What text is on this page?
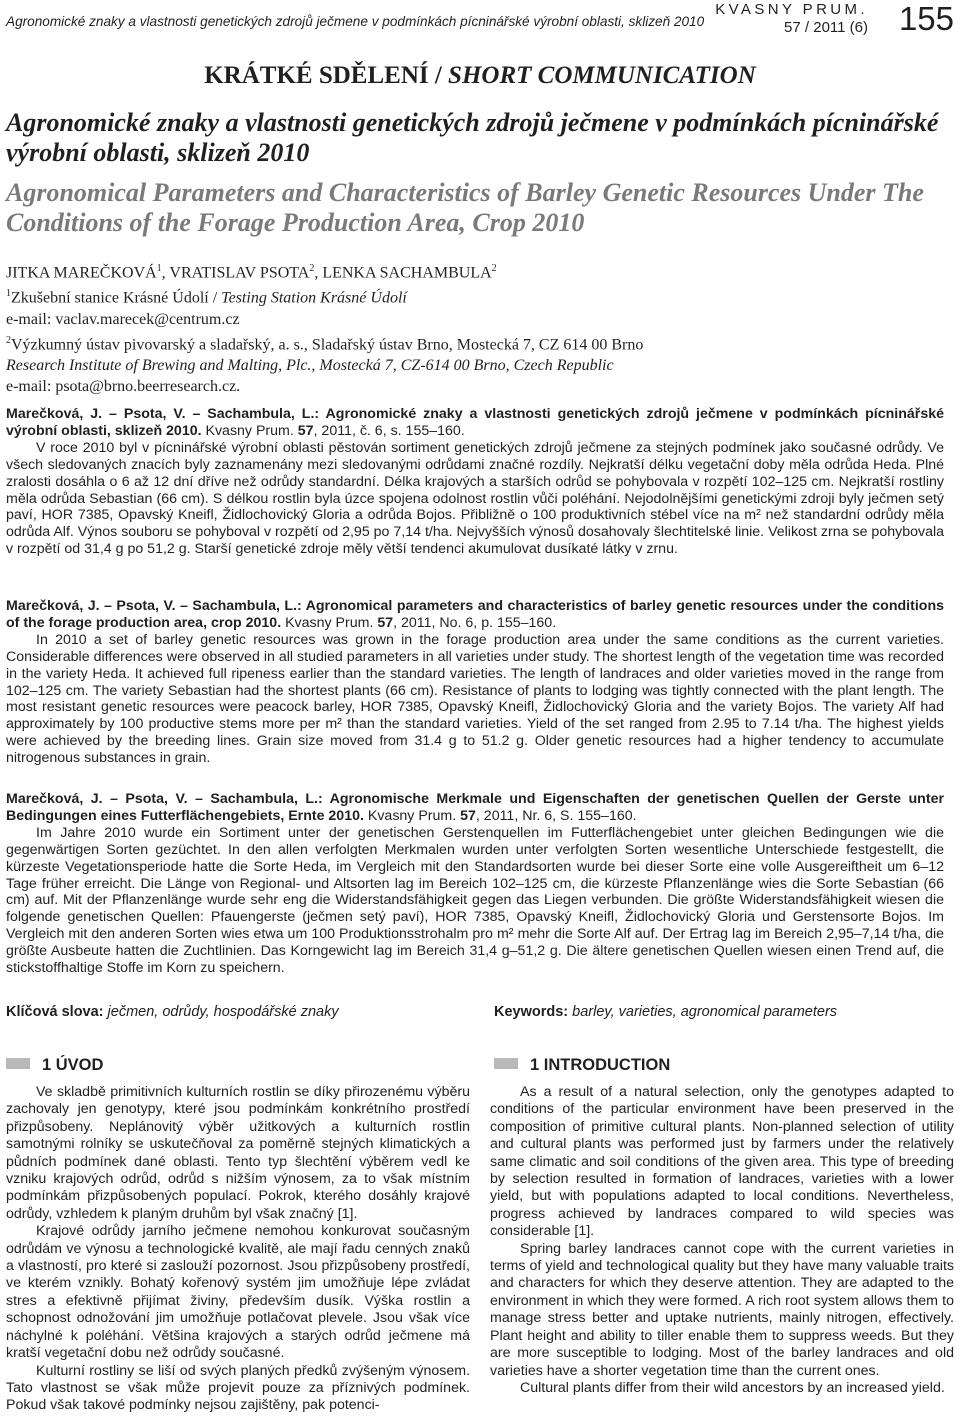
Agronomické znaky a vlastnosti genetických zdrojů ječmene v podmínkách pícninářské výrobní oblasti, sklizeň 2010
KVASNY PRUM.
57 / 2011 (6) 155
KRÁTKÉ SDĚLENÍ / SHORT COMMUNICATION
Agronomické znaky a vlastnosti genetických zdrojů ječmene v podmínkách pícninářské výrobní oblasti, sklizeň 2010
Agronomical Parameters and Characteristics of Barley Genetic Resources Under The Conditions of the Forage Production Area, Crop 2010

JITKA MAREČKOVÁ$^1$, VRATISLAV PSOTA$^2$, LENKA SACHAMBULA$^2$

$^1$Zkušební stanice Krásné Údolí / Testing Station Krásné Údolí

e-mail: vaclav.marecek@centrum.cz

$^2$Výzkumný ústav pivovarský a sladařský, a. s., Sladařský ústav Brno, Mostecká 7, CZ 614 00 Brno

Research Institute of Brewing and Malting, Plc., Mostecká 7, CZ-614 00 Brno, Czech Republic

e-mail: psota@brno.beerresearch.cz.

Marečková, J. – Psota, V. – Sachambula, L.: Agronomické znaky a vlastnosti genetických zdrojů ječmene v podmínkách pícninářské výrobní oblasti, sklizeň 2010. Kvasny Prum. 57, 2011, č. 6, s. 155–160.

V roce 2010 byl v pícninářské výrobní oblasti pěstován sortiment genetických zdrojů ječmene za stejných podmínek jako současné odrůdy. Ve všech sledovaných znacích byly zaznamenány mezi sledovanými odrůdami značné rozdíly. Nejkratší délku vegetační doby měla odrůda Heda. Plné zralosti dosáhla o 6 až 12 dní dříve než odrůdy standardní. Délka krajových a starších odrůd se pohybovala v rozpětí 102–125 cm. Nejkratší rostliny měla odrůda Sebastian (66 cm). S délkou rostlin byla úzce spojena odolnost rostlin vůči poléhání. Nejodolnějšími genetickými zdroji byly ječmen setý paví, HOR 7385, Opavský Kneifl, Židlochovický Gloria a odrůda Bojos. Přibližně o 100 produktivních stébel více na m² než standardní odrůdy měla odrůda Alf. Výnos souboru se pohyboval v rozpětí od 2,95 po 7,14 t/ha. Nejvyšších výnosů dosahovaly šlechtitelské linie. Velikost zrna se pohybovala v rozpětí od 31,4 g po 51,2 g. Starší genetické zdroje měly větší tendenci akumulovat dusíkaté látky v zrnu.

Marečková, J. – Psota, V. – Sachambula, L.: Agronomical parameters and characteristics of barley genetic resources under the conditions of the forage production area, crop 2010. Kvasny Prum. 57, 2011, No. 6, p. 155–160.

In 2010 a set of barley genetic resources was grown in the forage production area under the same conditions as the current varieties. Considerable differences were observed in all studied parameters in all varieties under study. The shortest length of the vegetation time was recorded in the variety Heda. It achieved full ripeness earlier than the standard varieties. The length of landraces and older varieties moved in the range from 102–125 cm. The variety Sebastian had the shortest plants (66 cm). Resistance of plants to lodging was tightly connected with the plant length. The most resistant genetic resources were peacock barley, HOR 7385, Opavský Kneifl, Židlochovický Gloria and the variety Bojos. The variety Alf had approximately by 100 productive stems more per m² than the standard varieties. Yield of the set ranged from 2.95 to 7.14 t/ha. The highest yields were achieved by the breeding lines. Grain size moved from 31.4 g to 51.2 g. Older genetic resources had a higher tendency to accumulate nitrogenous substances in grain.

Marečková, J. – Psota, V. – Sachambula, L.: Agronomische Merkmale und Eigenschaften der genetischen Quellen der Gerste unter Bedingungen eines Futterflächengebiets, Ernte 2010. Kvasny Prum. 57, 2011, Nr. 6, S. 155–160.

Im Jahre 2010 wurde ein Sortiment unter der genetischen Gerstenquellen im Futterflächengebiet unter gleichen Bedingungen wie die gegenwärtigen Sorten gezüchtet. In den allen verfolgten Merkmalen wurden unter verfolgten Sorten wesentliche Unterschiede festgestellt, die kürzeste Vegetationsperiode hatte die Sorte Heda, im Vergleich mit den Standardsorten wurde bei dieser Sorte eine volle Ausgereiftheit um 6–12 Tage früher erreicht. Die Länge von Regional- und Altsorten lag im Bereich 102–125 cm, die kürzeste Pflanzenlänge wies die Sorte Sebastian (66 cm) auf. Mit der Pflanzenlänge wurde sehr eng die Widerstandsfähigkeit gegen das Liegen verbunden. Die größte Widerstandsfähigkeit wiesen die folgende genetischen Quellen: Pfauengerste (ječmen setý paví), HOR 7385, Opavský Kneifl, Židlochovický Gloria und Gerstensorte Bojos. Im Vergleich mit den anderen Sorten wies etwa um 100 Produktionsstrohalm pro m² mehr die Sorte Alf auf. Der Ertrag lag im Bereich 2,95–7,14 t/ha, die größte Ausbeute hatten die Zuchtlinien. Das Korngewicht lag im Bereich 31,4 g–51,2 g. Die ältere genetischen Quellen wiesen einen Trend auf, die stickstoffhaltige Stoffe im Korn zu speichern.

Klíčová slova: ječmen, odrůdy, hospodářské znaky	Keywords: barley, varieties, agronomical parameters
1 ÚVOD	1 INTRODUCTION

Ve skladbě primitivních kulturních rostlin se díky přirozenému výběru zachovaly jen genotypy, které jsou podmínkám konkrétního prostředí přizpůsobeny. Neplánovitý výběr užitkových a kulturních rostlin samotnými rolníky se uskutečňoval za poměrně stejných klimatických a půdních podmínek dané oblasti. Tento typ šlechtění výběrem vedl ke vzniku krajových odrůd, odrůd s nižším výnosem, za to však místním podmínkám přizpůsobených populací. Pokrok, kterého dosáhly krajové odrůdy, vzhledem k planým druhům byl však značný [1].

Krajové odrůdy jarního ječmene nemohou konkurovat současným odrůdám ve výnosu a technologické kvalitě, ale mají řadu cenných znaků a vlastností, pro které si zaslouží pozornost. Jsou přizpůsobeny prostředí, ve kterém vznikly. Bohatý kořenový systém jim umožňuje lépe zvládat stres a efektivně přijímat živiny, především dusík. Výška rostlin a schopnost odnožování jim umožňuje potlačovat plevele. Jsou však více náchylné k poléhání. Většina krajových a starých odrůd ječmene má kratší vegetační dobu než odrůdy současné.

Kulturní rostliny se liší od svých planých předků zvýšeným výnosem. Tato vlastnost se však může projevit pouze za příznivých podmínek. Pokud však takové podmínky nejsou zajištěny, pak potenci-

As a result of a natural selection, only the genotypes adapted to conditions of the particular environment have been preserved in the composition of primitive cultural plants. Non-planned selection of utility and cultural plants was performed just by farmers under the relatively same climatic and soil conditions of the given area. This type of breeding by selection resulted in formation of landraces, varieties with a lower yield, but with populations adapted to local conditions. Nevertheless, progress achieved by landraces compared to wild species was considerable [1].

Spring barley landraces cannot cope with the current varieties in terms of yield and technological quality but they have many valuable traits and characters for which they deserve attention. They are adapted to the environment in which they were formed. A rich root system allows them to manage stress better and uptake nutrients, mainly nitrogen, effectively. Plant height and ability to tiller enable them to suppress weeds. But they are more susceptible to lodging. Most of the barley landraces and old varieties have a shorter vegetation time than the current ones.

Cultural plants differ from their wild ancestors by an increased yield.
